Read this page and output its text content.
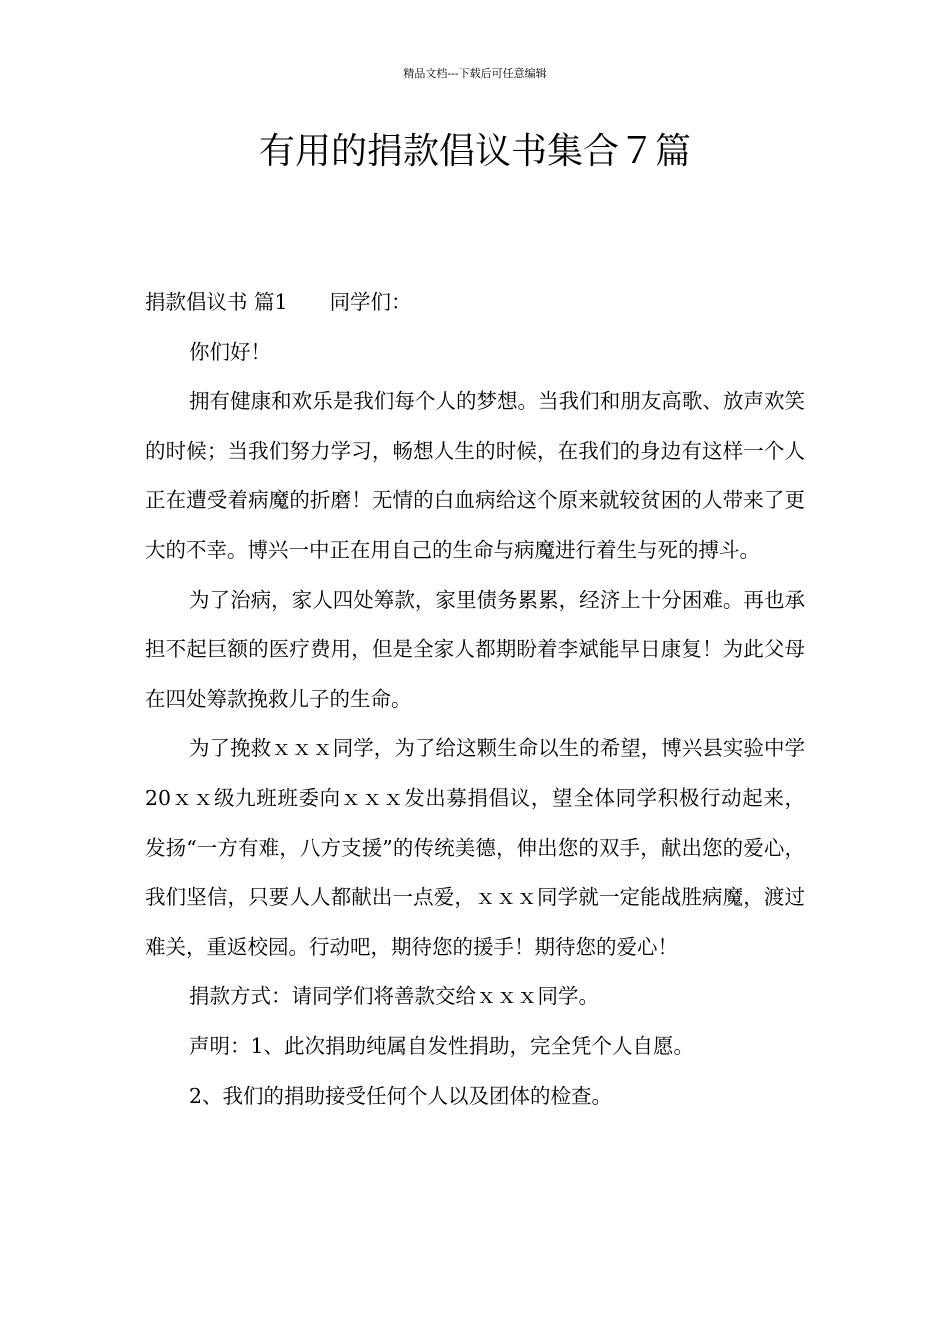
精品文档---下载后可任意编辑
有用的捐款倡议书集合７篇

捐款倡议书 篇1 同学们：

你们好！

拥有健康和欢乐是我们每个人的梦想。当我们和朋友高歌、放声欢笑的时候；当我们努力学习，畅想人生的时候，在我们的身边有这样一个人正在遭受着病魔的折磨！无情的白血病给这个原来就较贫困的人带来了更大的不幸。博兴一中正在用自己的生命与病魔进行着生与死的搏斗。

为了治病，家人四处筹款，家里债务累累，经济上十分困难。再也承担不起巨额的医疗费用，但是全家人都期盼着李斌能早日康复！为此父母在四处筹款挽救儿子的生命。

为了挽救ｘｘｘ同学，为了给这颗生命以生的希望，博兴县实验中学20ｘｘ级九班班委向ｘｘｘ发出募捐倡议，望全体同学积极行动起来，发扬“一方有难，八方支援”的传统美德，伸出您的双手，献出您的爱心，我们坚信，只要人人都献出一点爱，ｘｘｘ同学就一定能战胜病魔，渡过难关，重返校园。行动吧，期待您的援手！期待您的爱心！

捐款方式：请同学们将善款交给ｘｘｘ同学。

声明：1、此次捐助纯属自发性捐助，完全凭个人自愿。

2、我们的捐助接受任何个人以及团体的检查。
